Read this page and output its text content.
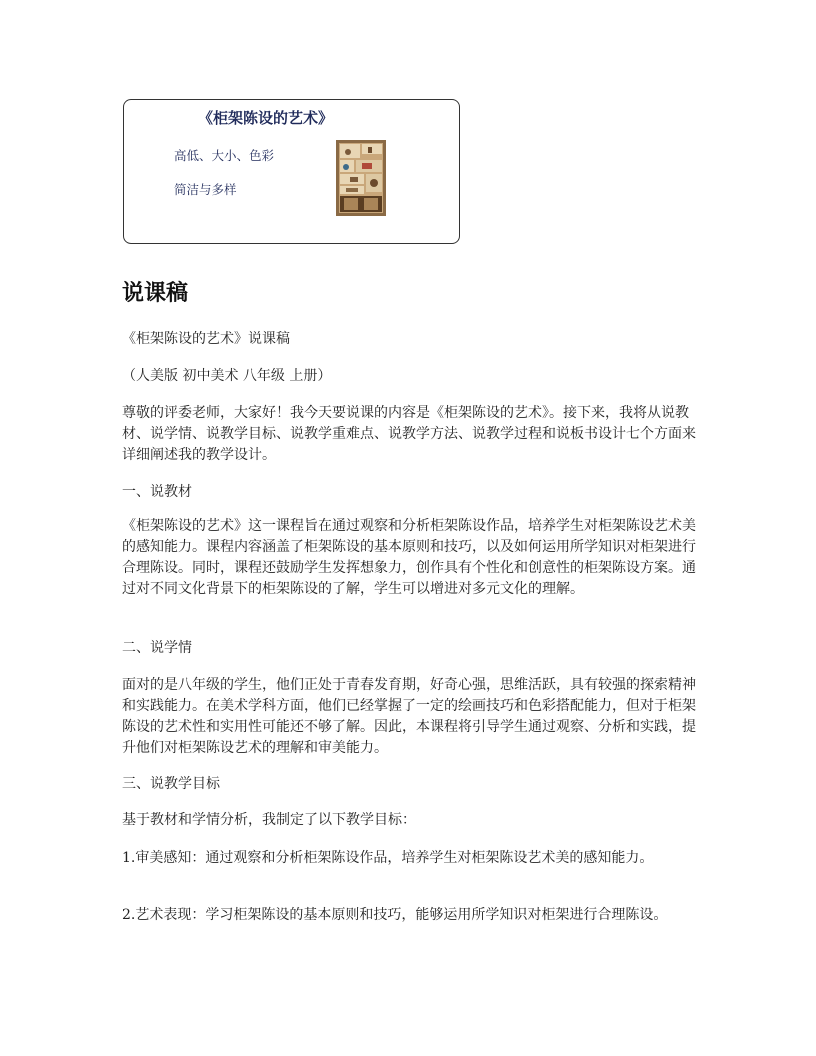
《柜架陈设的艺术》
高低、大小、色彩
简洁与多样
说课稿

《柜架陈设的艺术》说课稿

（人美版 初中美术 八年级 上册）

尊敬的评委老师，大家好！我今天要说课的内容是《柜架陈设的艺术》。接下来，我将从说教材、说学情、说教学目标、说教学重难点、说教学方法、说教学过程和说板书设计七个方面来详细阐述我的教学设计。

一、说教材

《柜架陈设的艺术》这一课程旨在通过观察和分析柜架陈设作品，培养学生对柜架陈设艺术美的感知能力。课程内容涵盖了柜架陈设的基本原则和技巧，以及如何运用所学知识对柜架进行合理陈设。同时，课程还鼓励学生发挥想象力，创作具有个性化和创意性的柜架陈设方案。通过对不同文化背景下的柜架陈设的了解，学生可以增进对多元文化的理解。

二、说学情

面对的是八年级的学生，他们正处于青春发育期，好奇心强，思维活跃，具有较强的探索精神和实践能力。在美术学科方面，他们已经掌握了一定的绘画技巧和色彩搭配能力，但对于柜架陈设的艺术性和实用性可能还不够了解。因此，本课程将引导学生通过观察、分析和实践，提升他们对柜架陈设艺术的理解和审美能力。

三、说教学目标

基于教材和学情分析，我制定了以下教学目标：

1.审美感知：通过观察和分析柜架陈设作品，培养学生对柜架陈设艺术美的感知能力。

2.艺术表现：学习柜架陈设的基本原则和技巧，能够运用所学知识对柜架进行合理陈设。
